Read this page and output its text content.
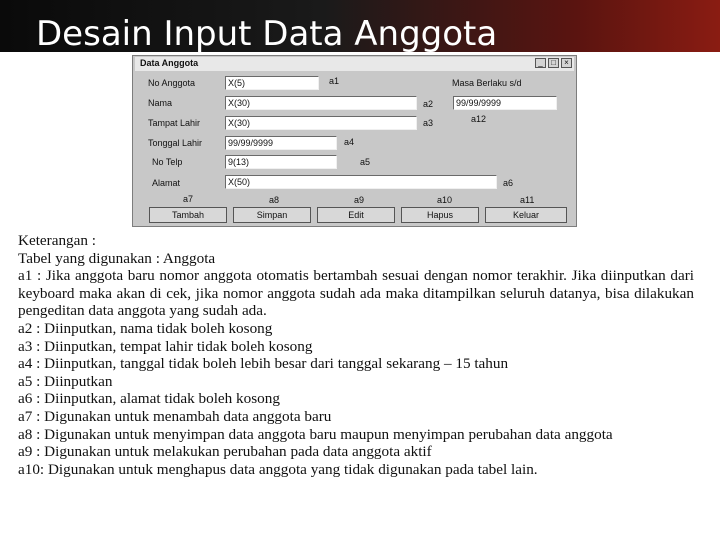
Desain Input Data Anggota
Data Anggota	_	□	×
No Anggota	X(5)	a1	Masa Berlaku s/d
Nama	X(30)	a2	99/99/9999
Tampat Lahir	X(30)	a3	a12
Tonggal Lahir	99/99/9999	a4
No Telp	9(13)	a5
Alamat	X(50)	a6
a7	a8	a9	a10	a11
Tambah	Simpan	Edit	Hapus	Keluar

Keterangan :

Tabel yang digunakan : Anggota

a1 : Jika anggota baru nomor anggota otomatis bertambah sesuai dengan nomor terakhir. Jika diinputkan dari keyboard maka akan di cek, jika nomor anggota sudah ada maka ditampilkan seluruh datanya, bisa dilakukan pengeditan data anggota yang sudah ada.

a2 : Diinputkan, nama tidak boleh kosong

a3 : Diinputkan, tempat lahir tidak boleh kosong

a4 : Diinputkan, tanggal tidak boleh lebih besar dari tanggal sekarang – 15 tahun

a5 : Diinputkan

a6 : Diinputkan, alamat tidak boleh kosong

a7 : Digunakan untuk menambah data anggota baru

a8 : Digunakan untuk menyimpan data anggota baru maupun menyimpan perubahan data anggota

a9 : Digunakan untuk melakukan perubahan pada data anggota aktif

a10: Digunakan untuk menghapus data anggota yang tidak digunakan pada tabel lain.
